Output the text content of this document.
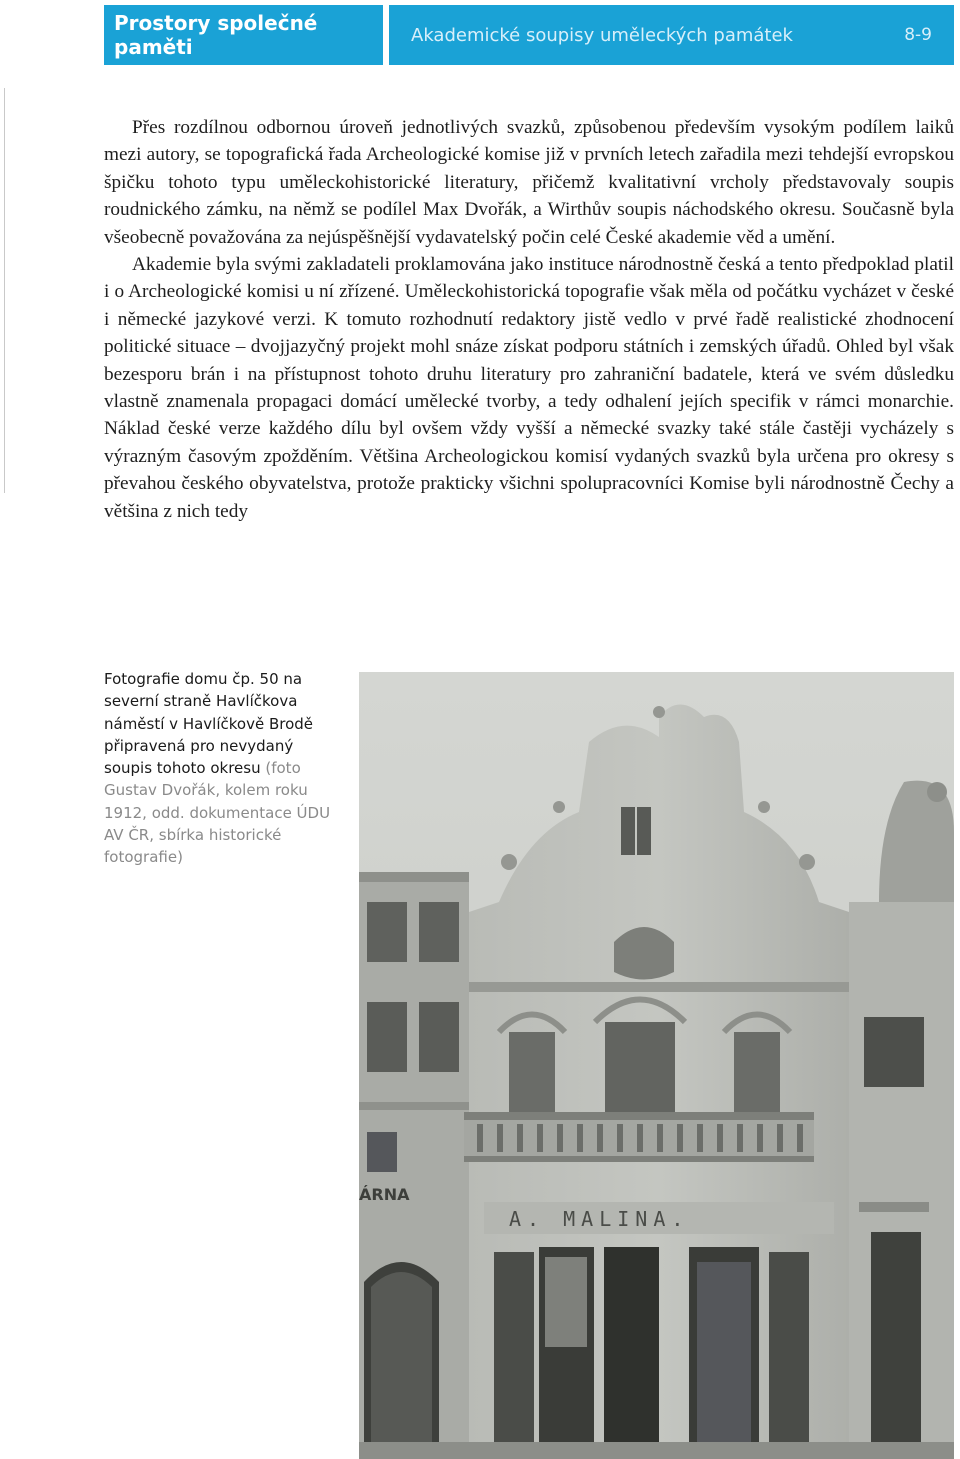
Prostory společné paměti	Akademické soupisy uměleckých památek	8-9

Přes rozdílnou odbornou úroveň jednotlivých svazků, způsobenou především vysokým podílem laiků mezi autory, se topografická řada Archeologické komise již v prvních letech zařadila mezi tehdejší evropskou špičku tohoto typu uměleckohistorické literatury, přičemž kvalitativní vrcholy představovaly soupis roudnického zámku, na němž se podílel Max Dvořák, a Wirthův soupis náchodského okresu. Současně byla všeobecně považována za nejúspěšnější vydavatelský počin celé České akademie věd a umění.

Akademie byla svými zakladateli proklamována jako instituce národnostně česká a tento předpoklad platil i o Archeologické komisi u ní zřízené. Uměleckohistorická topografie však měla od počátku vycházet v české i německé jazykové verzi. K tomuto rozhodnutí redaktory jistě vedlo v prvé řadě realistické zhodnocení politické situace – dvojjazyčný projekt mohl snáze získat podporu státních i zemských úřadů. Ohled byl však bezesporu brán i na přístupnost tohoto druhu literatury pro zahraniční badatele, která ve svém důsledku vlastně znamenala propagaci domácí umělecké tvorby, a tedy odhalení jejích specifik v rámci monarchie. Náklad české verze každého dílu byl ovšem vždy vyšší a německé svazky také stále častěji vycházely s výrazným časovým zpožděním. Většina Archeologickou komisí vydaných svazků byla určena pro okresy s převahou českého obyvatelstva, protože prakticky všichni spolupracovníci Komise byli národnostně Čechy a většina z nich tedy

Fotografie domu čp. 50 na severní straně Havlíčkova náměstí v Havlíčkově Brodě připravená pro nevydaný soupis tohoto okresu (foto Gustav Dvořák, kolem roku 1912, odd. dokumentace ÚDU AV ČR, sbírka historické fotografie)
ÁRNA
A. MALINA.
